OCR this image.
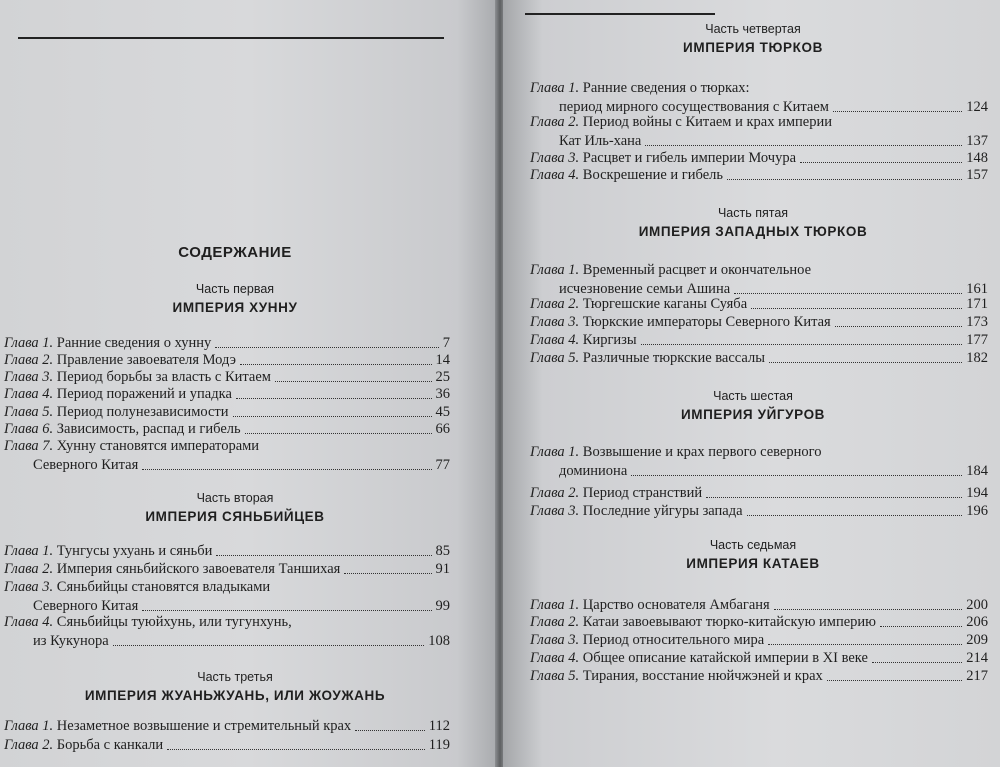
СОДЕРЖАНИЕ
Часть первая
ИМПЕРИЯ ХУННУ
Глава 1. Ранние сведения о хунну	7
Глава 2. Правление завоевателя Модэ	14
Глава 3. Период борьбы за власть с Китаем	25
Глава 4. Период поражений и упадка	36
Глава 5. Период полунезависимости	45
Глава 6. Зависимость, распад и гибель	66
Глава 7. Хунну становятся императорами
Северного Китая	77
Часть вторая
ИМПЕРИЯ СЯНЬБИЙЦЕВ
Глава 1. Тунгусы ухуань и сяньби	85
Глава 2. Империя сяньбийского завоевателя Таншихая	91
Глава 3. Сяньбийцы становятся владыками
Северного Китая	99
Глава 4. Сяньбийцы туюйхунь, или тугунхунь,
из Кукунора	108
Часть третья
ИМПЕРИЯ ЖУАНЬЖУАНЬ, ИЛИ ЖОУЖАНЬ
Глава 1. Незаметное возвышение и стремительный крах	112
Глава 2. Борьба с канкали	119
Часть четвертая
ИМПЕРИЯ ТЮРКОВ
Глава 1. Ранние сведения о тюрках:
период мирного сосуществования с Китаем	124
Глава 2. Период войны с Китаем и крах империи
Кат Иль-хана	137
Глава 3. Расцвет и гибель империи Мочура	148
Глава 4. Воскрешение и гибель	157
Часть пятая
ИМПЕРИЯ ЗАПАДНЫХ ТЮРКОВ
Глава 1. Временный расцвет и окончательное
исчезновение семьи Ашина	161
Глава 2. Тюргешские каганы Суяба	171
Глава 3. Тюркские императоры Северного Китая	173
Глава 4. Киргизы	177
Глава 5. Различные тюркские вассалы	182
Часть шестая
ИМПЕРИЯ УЙГУРОВ
Глава 1. Возвышение и крах первого северного
доминиона	184
Глава 2. Период странствий	194
Глава 3. Последние уйгуры запада	196
Часть седьмая
ИМПЕРИЯ КАТАЕВ
Глава 1. Царство основателя Амбаганя	200
Глава 2. Катаи завоевывают тюрко-китайскую империю	206
Глава 3. Период относительного мира	209
Глава 4. Общее описание катайской империи в XI веке	214
Глава 5. Тирания, восстание нюйчжэней и крах	217
